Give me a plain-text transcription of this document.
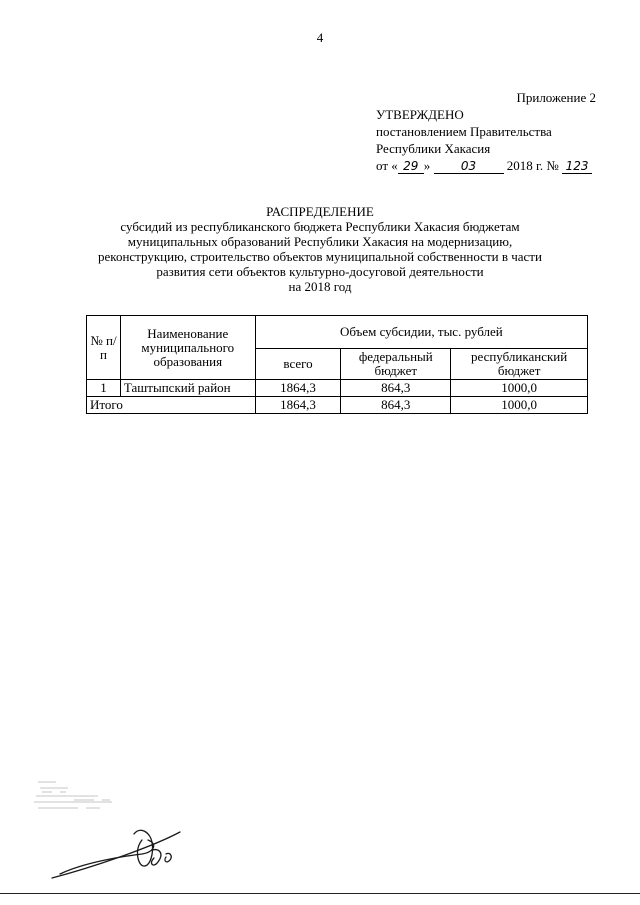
4
Приложение 2
УТВЕРЖДЕНО
постановлением Правительства
Республики Хакасия
от « 29 »	03 2018 г. № 123
РАСПРЕДЕЛЕНИЕ
субсидий из республиканского бюджета Республики Хакасия бюджетам
муниципальных образований Республики Хакасия на модернизацию,
реконструкцию, строительство объектов муниципальной собственности в части
развития сети объектов культурно-досуговой деятельности
на 2018 год
№ п/п	Наименование муниципального образования	Объем субсидии, тыс. рублей		
		всего	федеральный бюджет	республиканский бюджет
1	Таштыпский район	1864,3	864,3	1000,0
Итого		1864,3	864,3	1000,0
